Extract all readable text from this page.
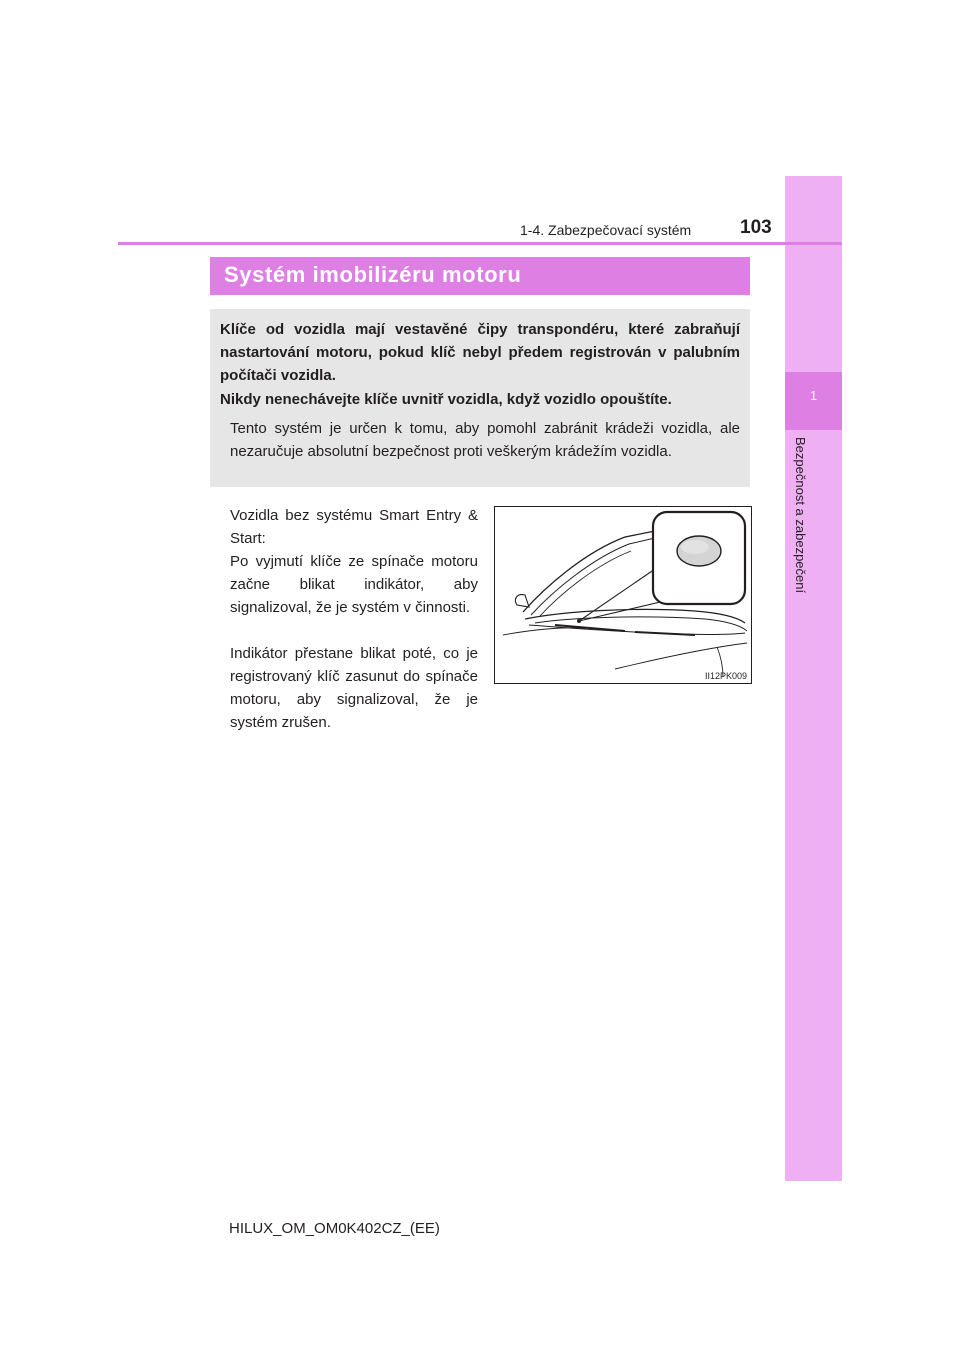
1
Bezpečnost a zabezpečení
1-4. Zabezpečovací systém	103
Systém imobilizéru motoru
Klíče od vozidla mají vestavěné čipy transpondéru, které zabraňují nastartování motoru, pokud klíč nebyl předem registrován v palubním počítači vozidla.
Nikdy nenechávejte klíče uvnitř vozidla, když vozidlo opouštíte.
Tento systém je určen k tomu, aby pomohl zabránit krádeži vozidla, ale nezaručuje absolutní bezpečnost proti veškerým krádežím vozidla.
Vozidla bez systému Smart Entry & Start:
Po vyjmutí klíče ze spínače motoru začne blikat indikátor, aby signalizoval, že je systém v činnosti.
Indikátor přestane blikat poté, co je registrovaný klíč zasunut do spínače motoru, aby signalizoval, že je systém zrušen.
II12PK009
HILUX_OM_OM0K402CZ_(EE)
